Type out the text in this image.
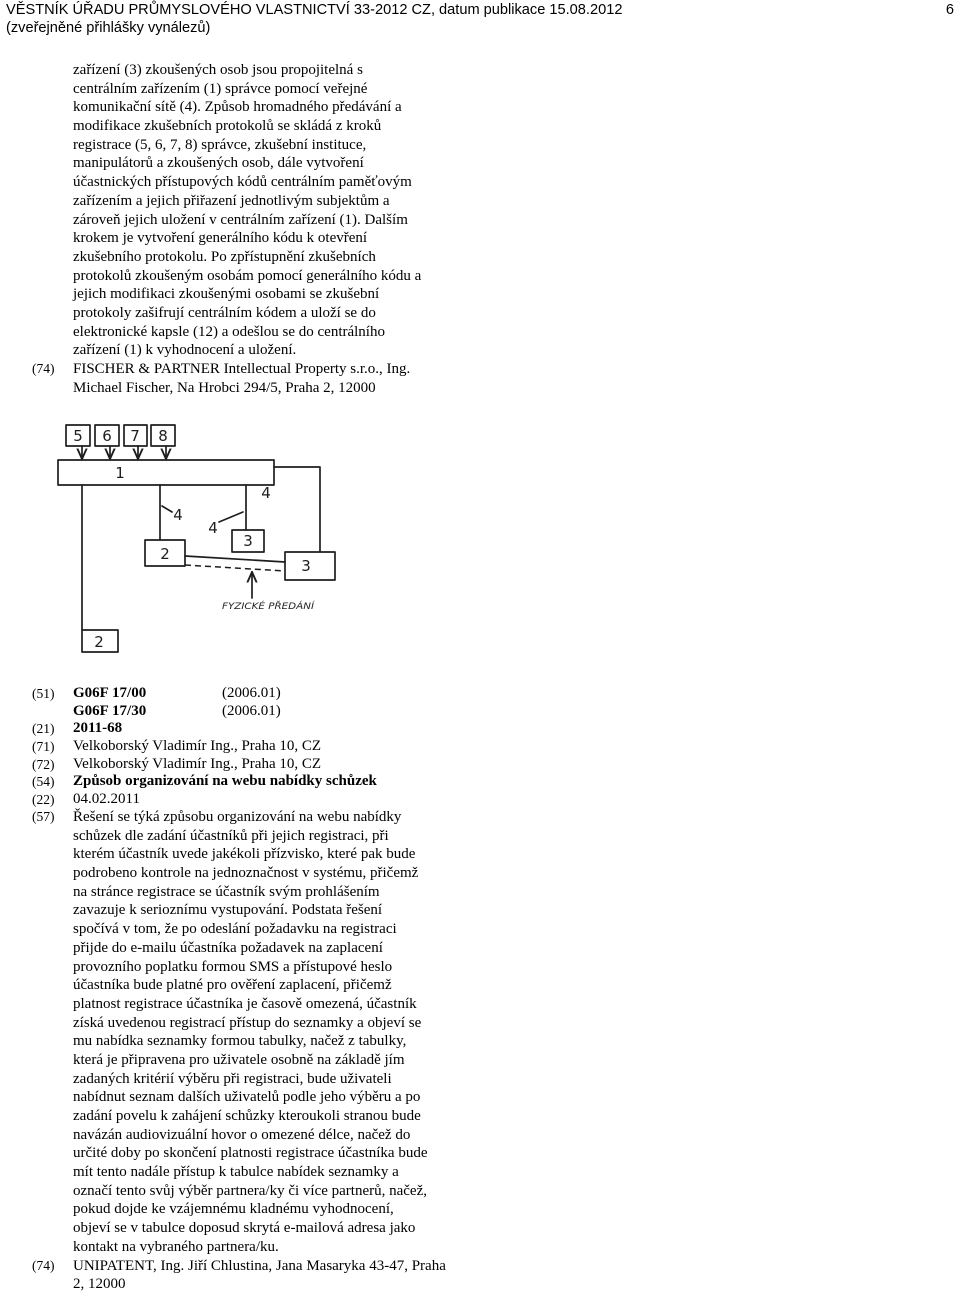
VĚSTNÍK ÚŘADU PRŮMYSLOVÉHO VLASTNICTVÍ 33-2012 CZ, datum publikace 15.08.2012
(zveřejněné přihlášky vynálezů)
6
zařízení (3) zkoušených osob jsou propojitelná s
centrálním zařízením (1) správce pomocí veřejné
komunikační sítě (4). Způsob hromadného předávání a
modifikace zkušebních protokolů se skládá z kroků
registrace (5, 6, 7, 8) správce, zkušební instituce,
manipulátorů a zkoušených osob, dále vytvoření
účastnických přístupových kódů centrálním paměťovým
zařízením a jejich přiřazení jednotlivým subjektům a
zároveň jejich uložení v centrálním zařízení (1). Dalším
krokem je vytvoření generálního kódu k otevření
zkušebního protokolu. Po zpřístupnění zkušebních
protokolů zkoušeným osobám pomocí generálního kódu a
jejich modifikaci zkoušenými osobami se zkušební
protokoly zašifrují centrálním kódem a uloží se do
elektronické kapsle (12) a odešlou se do centrálního
zařízení (1) k vyhodnocení a uložení.
(74) FISCHER & PARTNER Intellectual Property s.r.o., Ing.
Michael Fischer, Na Hrobci 294/5, Praha 2, 12000
5 6 7 8
1
4
4
4
2
3
3
2
FYZICKÉ PŘEDÁNÍ
(51) G06F 17/00	(2006.01)
G06F 17/30	(2006.01)
(21) 2011-68
(71) Velkoborský Vladimír Ing., Praha 10, CZ
(72) Velkoborský Vladimír Ing., Praha 10, CZ
(54) Způsob organizování na webu nabídky schůzek
(22) 04.02.2011
(57) Řešení se týká způsobu organizování na webu nabídky
schůzek dle zadání účastníků při jejich registraci, při
kterém účastník uvede jakékoli přízvisko, které pak bude
podrobeno kontrole na jednoznačnost v systému, přičemž
na stránce registrace se účastník svým prohlášením
zavazuje k serioznímu vystupování. Podstata řešení
spočívá v tom, že po odeslání požadavku na registraci
přijde do e-mailu účastníka požadavek na zaplacení
provozního poplatku formou SMS a přístupové heslo
účastníka bude platné pro ověření zaplacení, přičemž
platnost registrace účastníka je časově omezená, účastník
získá uvedenou registrací přístup do seznamky a objeví se
mu nabídka seznamky formou tabulky, načež z tabulky,
která je připravena pro uživatele osobně na základě jím
zadaných kritérií výběru při registraci, bude uživateli
nabídnut seznam dalších uživatelů podle jeho výběru a po
zadání povelu k zahájení schůzky kteroukoli stranou bude
navázán audiovizuální hovor o omezené délce, načež do
určité doby po skončení platnosti registrace účastníka bude
mít tento nadále přístup k tabulce nabídek seznamky a
označí tento svůj výběr partnera/ky či více partnerů, načež,
pokud dojde ke vzájemnému kladnému vyhodnocení,
objeví se v tabulce doposud skrytá e-mailová adresa jako
kontakt na vybraného partnera/ku.
(74) UNIPATENT, Ing. Jiří Chlustina, Jana Masaryka 43-47, Praha
2, 12000
